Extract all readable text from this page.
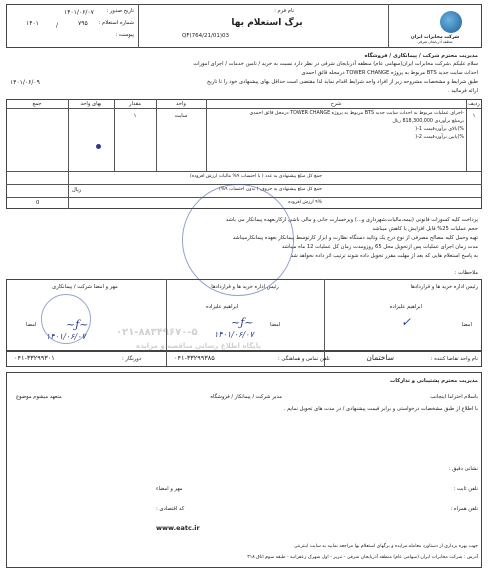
شرکت مخابرات ایران
منطقه آذربایجان شرقی
نام فرم :
برگ استعلام بها
QF(764/21/01)03
تاریخ صدور :
۱۴۰۱/۰۶/۰۷
شماره استعلام :
۷۹۵
/
۱۴۰۱
پیوست :
مدیریت محترم شرکت / پیمانکاری / فروشگاه
سلام علیکم ،شرکت مخابرات ایران(سهامی عام) منطقه آذربایجان شرقی در نظر دارد نسبت به خرید / تامین خدمات / اجرای امورات
احداث سایت جدید BTS مربوط به پروژه TOWER CHANGE درمحله قائق احمدی
طبق شرایط و مشخصات مشروحه زیر از افراد واجد شرایط اقدام نماید لذا مقتضی است حداقل بهای پیشنهادی خود را تا تاریخ
۱۴۰۱/۰۶/۰۹
ارائه فرمائید .
ردیف
شرح
واحد
مقدار
بهای واحد
جمع
۱
-اجرای عملیات مربوط به احداث سایت جدید BTS مربوط به پروژه TOWER CHANGE درمحل قائق احمدی
برمبلغ برآوردی 818,300,000 ریال
%)بالای برآوردقیمت 1-(
%)پایین برآوردقیمت 2-(
سایت
۱
جمع کل مبلغ پیشنهادی به عدد ( با احتساب ۹% مالیات ارزش افزوده)
ریال	جمع کل مبلغ پیشنهادی به حروف ( بدون احتساب ۹%)
۹% ارزش افزوده
0
پرداخت کلیه کسورات قانونی (بیمه،مالیات،شهرداری و...) وبرخسارت جانی و مالی ناشی ازکاربعهده پیمانکار می باشد
حجم عملیات 25% قابل افزایش یا کاهش میباشد
تهیه وحمل کلیه مصالح مصرفی از نوع درج یک وتائید دستگاه نظارت و ابزار کارتوسط پیمانکار بعهده پیمانکارمیباشد
مدت زمان اجرای عملیات پس ازتحویل محل 65 روزومدت زمان کل عملیات 12 ماه میباشد
به پاسخ استعلام هایی که بعد از مهلت مقرر تحویل داده شوند ترتیب اثر داده نخواهد شد
ملاحظات :
۰۲۱-۸۸۳۴۹۶۷۰-۵
پایگاه اطلاع رسانی مناقصه و مزایده
رئیس اداره خرید ها و قراردادها
ابراهیم علیزاده
امضا
رئیس اداره خرید ها و قراردادها
ابراهیم علیزاده
امضا
مهر و امضا شرکت / پیمانکاری
امضا	~ƒ~
۱۴۰۱/۰۶/۰۷
~ƒ~
۱۴۰۱/۰۶/۰۷
✓
نام واحد تقاضا کننده :
ساختمان
تلفن تماس و هماهنگی :
۰۴۱-۳۳۲۹۹۳۸۵
دورنگار :
۰۴۱-۳۳۲۹۹۳۰۱
مدیریت محترم پشتیبانی و تدارکات
باسلام احتراما اینجانب
مدیر شرکت / پیمانکار / فروشگاه
با اطلاع از طبق مشخصات درخواستی و برابر قیمت پیشنهادی / در مدت های تحویل نمایم .
متعهد میشوم موضوع
نشانی دقیق :
تلفن ثابت :
تلفن همراه :
مهر و امضاء
کد اقتصادی :
www.eatc.ir
جهت بهره برداری از دستاورد معامله،مزایده و برگهای استعلام بها مراجعه نمایید به سایت اینترنتی
آدرس : شرکت مخابرات ایران (سهامی عام) منطقه آذربایجان شرقی - تبریز - اول شهرک زعفرانیه - طبقه سوم اتاق ۳۱۸
